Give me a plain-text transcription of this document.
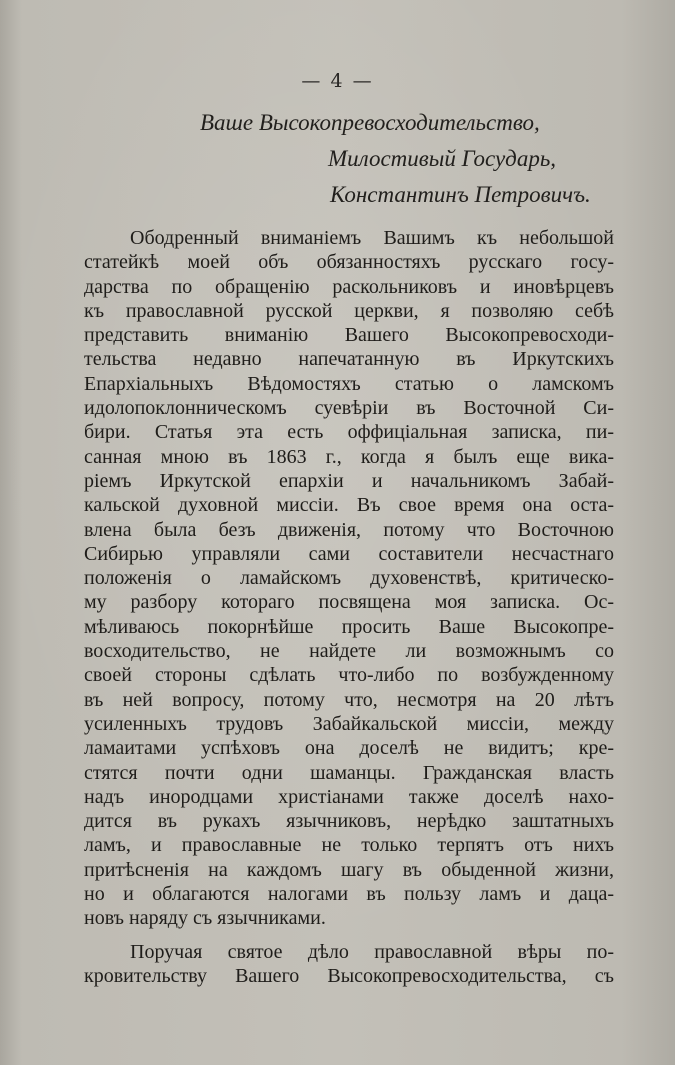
— 4 —
Ваше Высокопревосходительство,
Милостивый Государь,
Константинъ Петровичъ.
Ободренный вниманіемъ Вашимъ къ небольшой
статейкѣ моей объ обязанностяхъ русскаго госу-
дарства по обращенію раскольниковъ и иновѣрцевъ
къ православной русской церкви, я позволяю себѣ
представить вниманію Вашего Высокопревосходи-
тельства недавно напечатанную въ Иркутскихъ
Епархіальныхъ Вѣдомостяхъ статью о ламскомъ
идолопоклонническомъ суевѣріи въ Восточной Си-
бири. Статья эта есть оффиціальная записка, пи-
санная мною въ 1863 г., когда я былъ еще вика-
ріемъ Иркутской епархіи и начальникомъ Забай-
кальской духовной миссіи. Въ свое время она оста-
влена была безъ движенія, потому что Восточною
Сибирью управляли сами составители несчастнаго
положенія о ламайскомъ духовенствѣ, критическо-
му разбору котораго посвящена моя записка. Ос-
мѣливаюсь покорнѣйше просить Ваше Высокопре-
восходительство, не найдете ли возможнымъ со
своей стороны сдѣлать что-либо по возбужденному
въ ней вопросу, потому что, несмотря на 20 лѣтъ
усиленныхъ трудовъ Забайкальской миссіи, между
ламаитами успѣховъ она доселѣ не видитъ; кре-
стятся почти одни шаманцы. Гражданская власть
надъ инородцами христіанами также доселѣ нахо-
дится въ рукахъ язычниковъ, нерѣдко заштатныхъ
ламъ, и православные не только терпятъ отъ нихъ
притѣсненія на каждомъ шагу въ обыденной жизни,
но и облагаются налогами въ пользу ламъ и даца-
новъ наряду съ язычниками.
Поручая святое дѣло православной вѣры по-
кровительству Вашего Высокопревосходительства, съ
